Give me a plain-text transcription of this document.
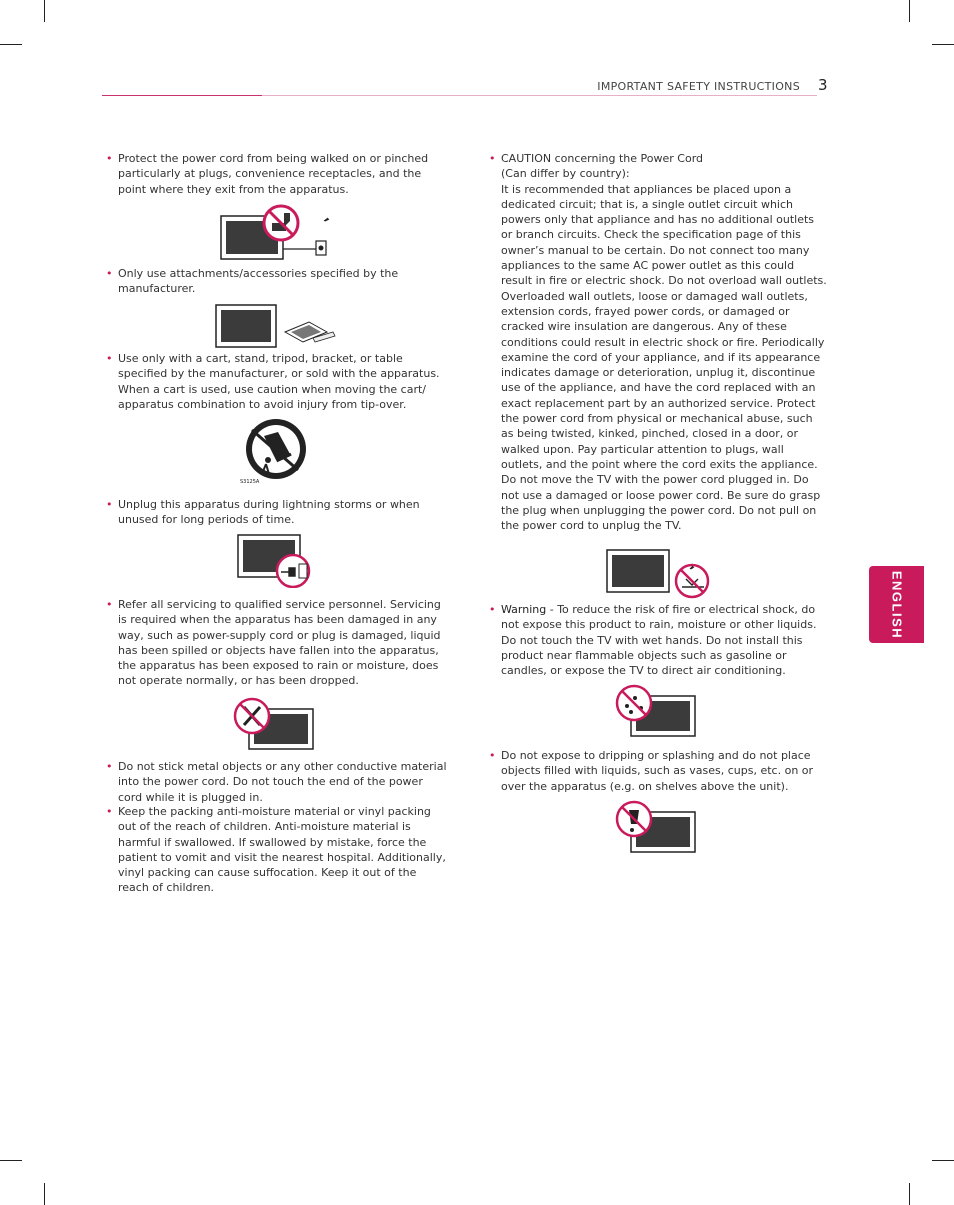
IMPORTANT SAFETY INSTRUCTIONS 3
ENGLISH
• Protect the power cord from being walked on or pinched particularly at plugs, convenience receptacles, and the point where they exit from the apparatus.

• Only use attachments/accessories specified by the manufacturer.

• Use only with a cart, stand, tripod, bracket, or table specified by the manufacturer, or sold with the apparatus. When a cart is used, use caution when moving the cart/ apparatus combination to avoid injury from tip-over.

S3125A
• Unplug this apparatus during lightning storms or when unused for long periods of time.

• Refer all servicing to qualified service personnel. Servicing is required when the apparatus has been damaged in any way, such as power-supply cord or plug is damaged, liquid has been spilled or objects have fallen into the apparatus, the apparatus has been exposed to rain or moisture, does not operate normally, or has been dropped.

• Do not stick metal objects or any other conductive material into the power cord. Do not touch the end of the power cord while it is plugged in.

• Keep the packing anti-moisture material or vinyl packing out of the reach of children. Anti-moisture material is harmful if swallowed. If swallowed by mistake, force the patient to vomit and visit the nearest hospital. Additionally, vinyl packing can cause suffocation. Keep it out of the reach of children.

• CAUTION concerning the Power Cord

(Can differ by country):

It is recommended that appliances be placed upon a dedicated circuit; that is, a single outlet circuit which powers only that appliance and has no additional outlets or branch circuits. Check the specification page of this owner’s manual to be certain. Do not connect too many appliances to the same AC power outlet as this could result in fire or electric shock. Do not overload wall outlets. Overloaded wall outlets, loose or damaged wall outlets, extension cords, frayed power cords, or damaged or cracked wire insulation are dangerous. Any of these conditions could result in electric shock or fire. Periodically examine the cord of your appliance, and if its appearance indicates damage or deterioration, unplug it, discontinue use of the appliance, and have the cord replaced with an exact replacement part by an authorized service. Protect the power cord from physical or mechanical abuse, such as being twisted, kinked, pinched, closed in a door, or walked upon. Pay particular attention to plugs, wall outlets, and the point where the cord exits the appliance. Do not move the TV with the power cord plugged in. Do not use a damaged or loose power cord. Be sure do grasp the plug when unplugging the power cord. Do not pull on the power cord to unplug the TV.

• Warning - To reduce the risk of fire or electrical shock, do not expose this product to rain, moisture or other liquids. Do not touch the TV with wet hands. Do not install this product near flammable objects such as gasoline or candles, or expose the TV to direct air conditioning.

• Do not expose to dripping or splashing and do not place objects filled with liquids, such as vases, cups, etc. on or over the apparatus (e.g. on shelves above the unit).
